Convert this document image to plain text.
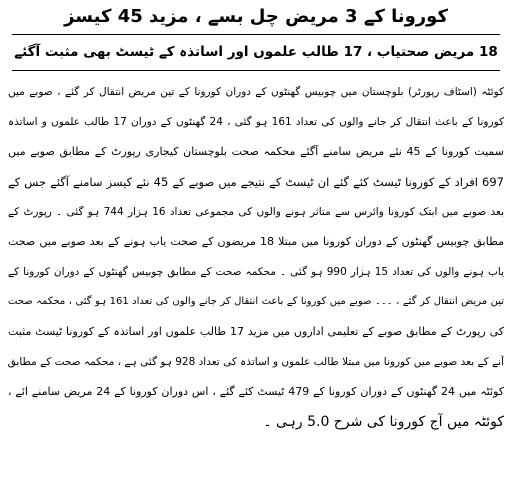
کورونا کے 3 مریض چل بسے ، مزید 45 کیسز
18 مریض صحتیاب ، 17 طالب علموں اور اساتذہ کے ٹیسٹ بھی مثبت آگئے
کوئٹہ (اسٹاف رپورٹر) بلوچستان میں چوبیس گھنٹوں کے دوران کورونا کے تین مریض انتقال کر گئے ، صوبے میں
کورونا کے باعث انتقال کر جانے والوں کی تعداد 161 ہو گئی ، 24 گھنٹوں کے دوران 17 طالب علموں و اساتذہ
سمیت کورونا کے 45 نئے مریض سامنے آگئے محکمہ صحت بلوچستان کیجاری رپورٹ کے مطابق صوبے میں
697 افراد کے کورونا ٹیسٹ کئے گئے ان ٹیسٹ کے نتیجے میں صوبے کے 45 نئے کیسز سامنے آگئے جس کے
بعد صوبے میں ابتک کورونا وائرس سے متاثر ہونے والوں کی مجموعی تعداد 16 ہزار 744 ہو گئی ۔ رپورٹ کے
مطابق چوبیس گھنٹوں کے دوران کورونا میں مبتلا 18 مریضوں کے صحت یاب ہونے کے بعد صوبے میں صحت
یاب ہونے والوں کی تعداد 15 ہزار 990 ہو گئی ۔ محکمہ صحت کے مطابق چوبیس گھنٹوں کے دوران کورونا کے
تین مریض انتقال کر گئے ، ۔۔۔ صوبے میں کورونا کے باعث انتقال کر جانے والوں کی تعداد 161 ہو گئی ، محکمہ صحت
کی رپورٹ کے مطابق صوبے کے تعلیمی اداروں میں مزید 17 طالب علموں اور اساتذہ کے کورونا ٹیسٹ مثبت
آنے کے بعد صوبے میں کورونا میں مبتلا طالب علموں و اساتذہ کی تعداد 928 ہو گئی ہے ، محکمہ صحت کے مطابق
کوئٹہ میں 24 گھنٹوں کے دوران کورونا کے 479 ٹیسٹ کئے گئے ، اس دوران کورونا کے 24 مریض سامنے ائے ،
کوئٹہ میں آج کورونا کی شرح 5.0 رہی ۔
